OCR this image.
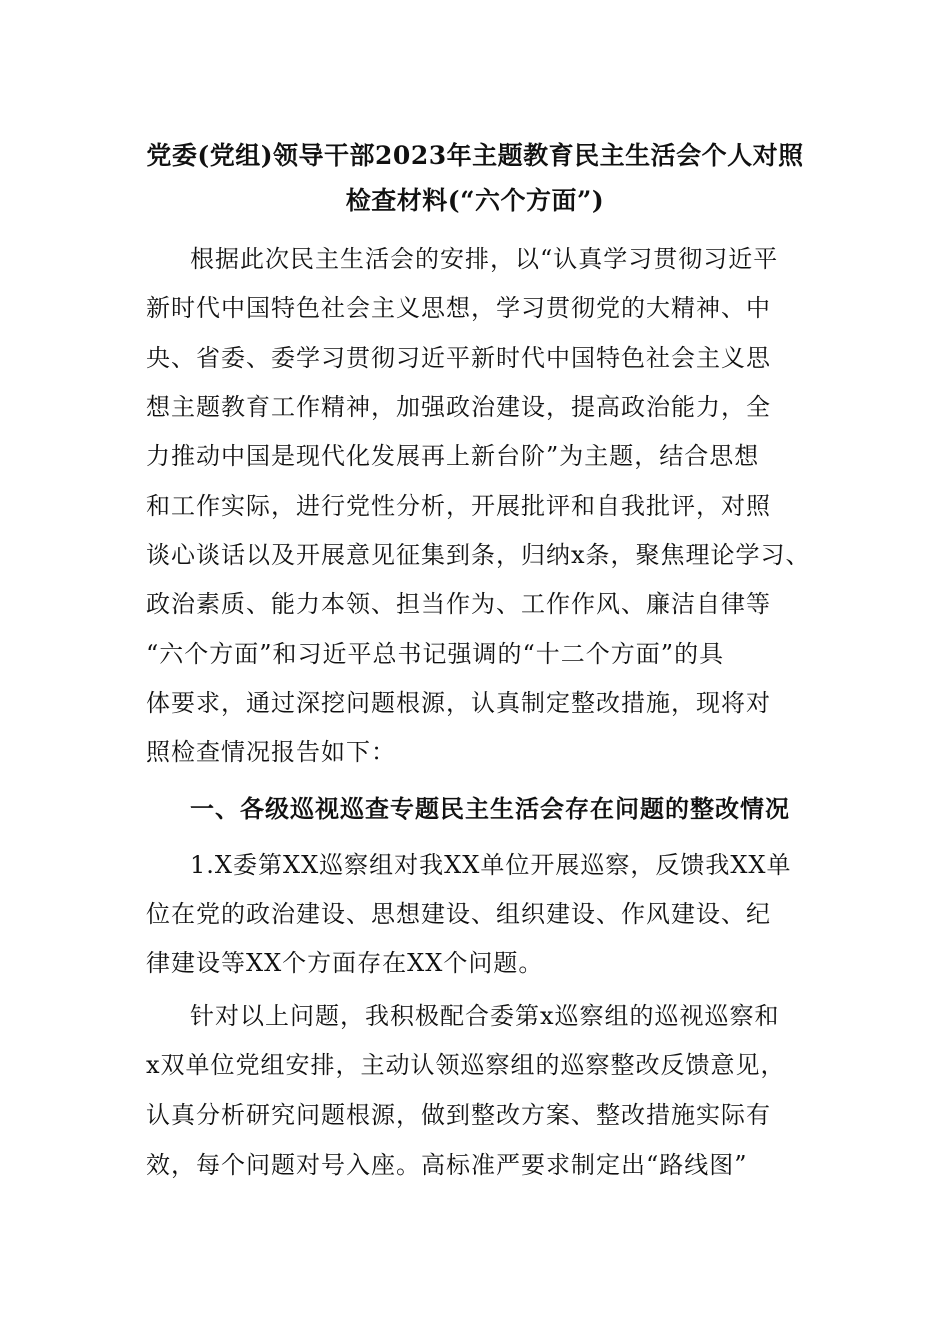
党委(党组)领导干部2023年主题教育民主生活会个人对照
检查材料(“六个方面”)
根据此次民主生活会的安排，以“认真学习贯彻习近平
新时代中国特色社会主义思想，学习贯彻党的大精神、中
央、省委、委学习贯彻习近平新时代中国特色社会主义思
想主题教育工作精神，加强政治建设，提高政治能力，全
力推动中国是现代化发展再上新台阶”为主题，结合思想
和工作实际，进行党性分析，开展批评和自我批评，对照
谈心谈话以及开展意见征集到条，归纳x条，聚焦理论学习、
政治素质、能力本领、担当作为、工作作风、廉洁自律等
“六个方面”和习近平总书记强调的“十二个方面”的具
体要求，通过深挖问题根源，认真制定整改措施，现将对
照检查情况报告如下：
一、各级巡视巡查专题民主生活会存在问题的整改情况
1.X委第XX巡察组对我XX单位开展巡察，反馈我XX单
位在党的政治建设、思想建设、组织建设、作风建设、纪
律建设等XX个方面存在XX个问题。
针对以上问题，我积极配合委第x巡察组的巡视巡察和
x双单位党组安排，主动认领巡察组的巡察整改反馈意见，
认真分析研究问题根源，做到整改方案、整改措施实际有
效，每个问题对号入座。高标准严要求制定出“路线图”
